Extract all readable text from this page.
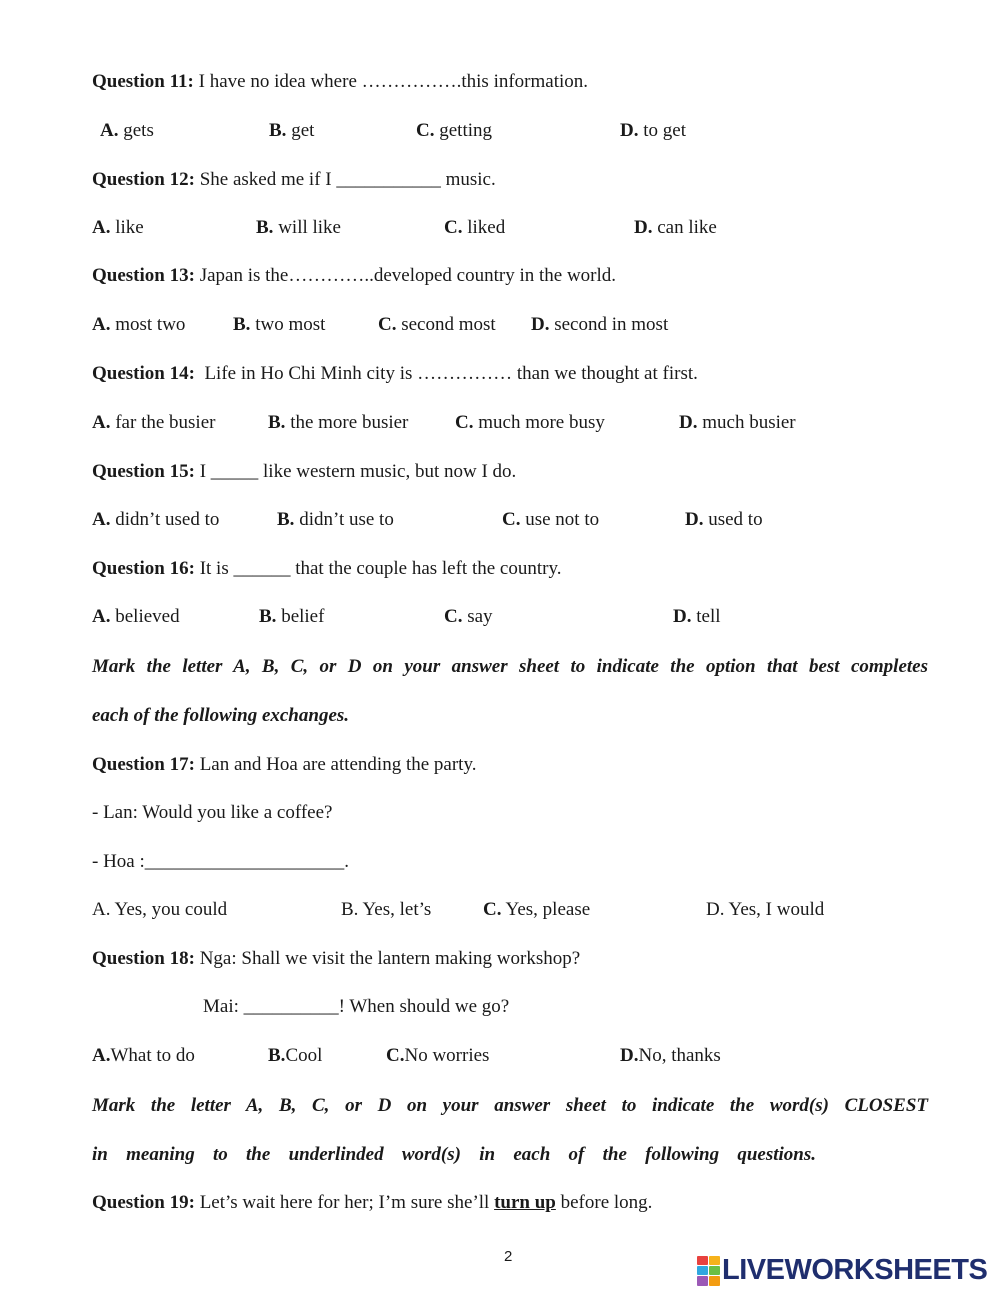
Question 11: I have no idea where …………….this information.
A. gets	B. get	C. getting	D. to get
Question 12: She asked me if I ___________ music.
A. like	B. will like	C. liked	D. can like
Question 13: Japan is the…………..developed country in the world.
A. most two	B. two most	C. second most D. second in most
Question 14:  Life in Ho Chi Minh city is …………… than we thought at first.
A. far the busier	B. the more busier C. much more busy	D. much busier
Question 15: I _____ like western music, but now I do.
A. didn’t used to	B. didn’t use to	C. use not to	D. used to
Question 16: It is ______ that the couple has left the country.
A. believed	B. belief	C. say	D. tell
Mark the letter A, B, C, or D on your answer sheet to indicate the option that best completes
each of the following exchanges.
Question 17: Lan and Hoa are attending the party.
- Lan: Would you like a coffee?
- Hoa :_____________________.
A. Yes, you could	B. Yes, let’s	C. Yes, please	D. Yes, I would
Question 18: Nga: Shall we visit the lantern making workshop?
Mai: __________! When should we go?
A.What to do	B.Cool	C.No worries	D.No, thanks
Mark the letter A, B, C, or D on your answer sheet to indicate the word(s) CLOSEST
in meaning to the underlinded word(s) in each of the following questions.
Question 19: Let’s wait here for her; I’m sure she’ll turn up before long.
2	LIVEWORKSHEETS
